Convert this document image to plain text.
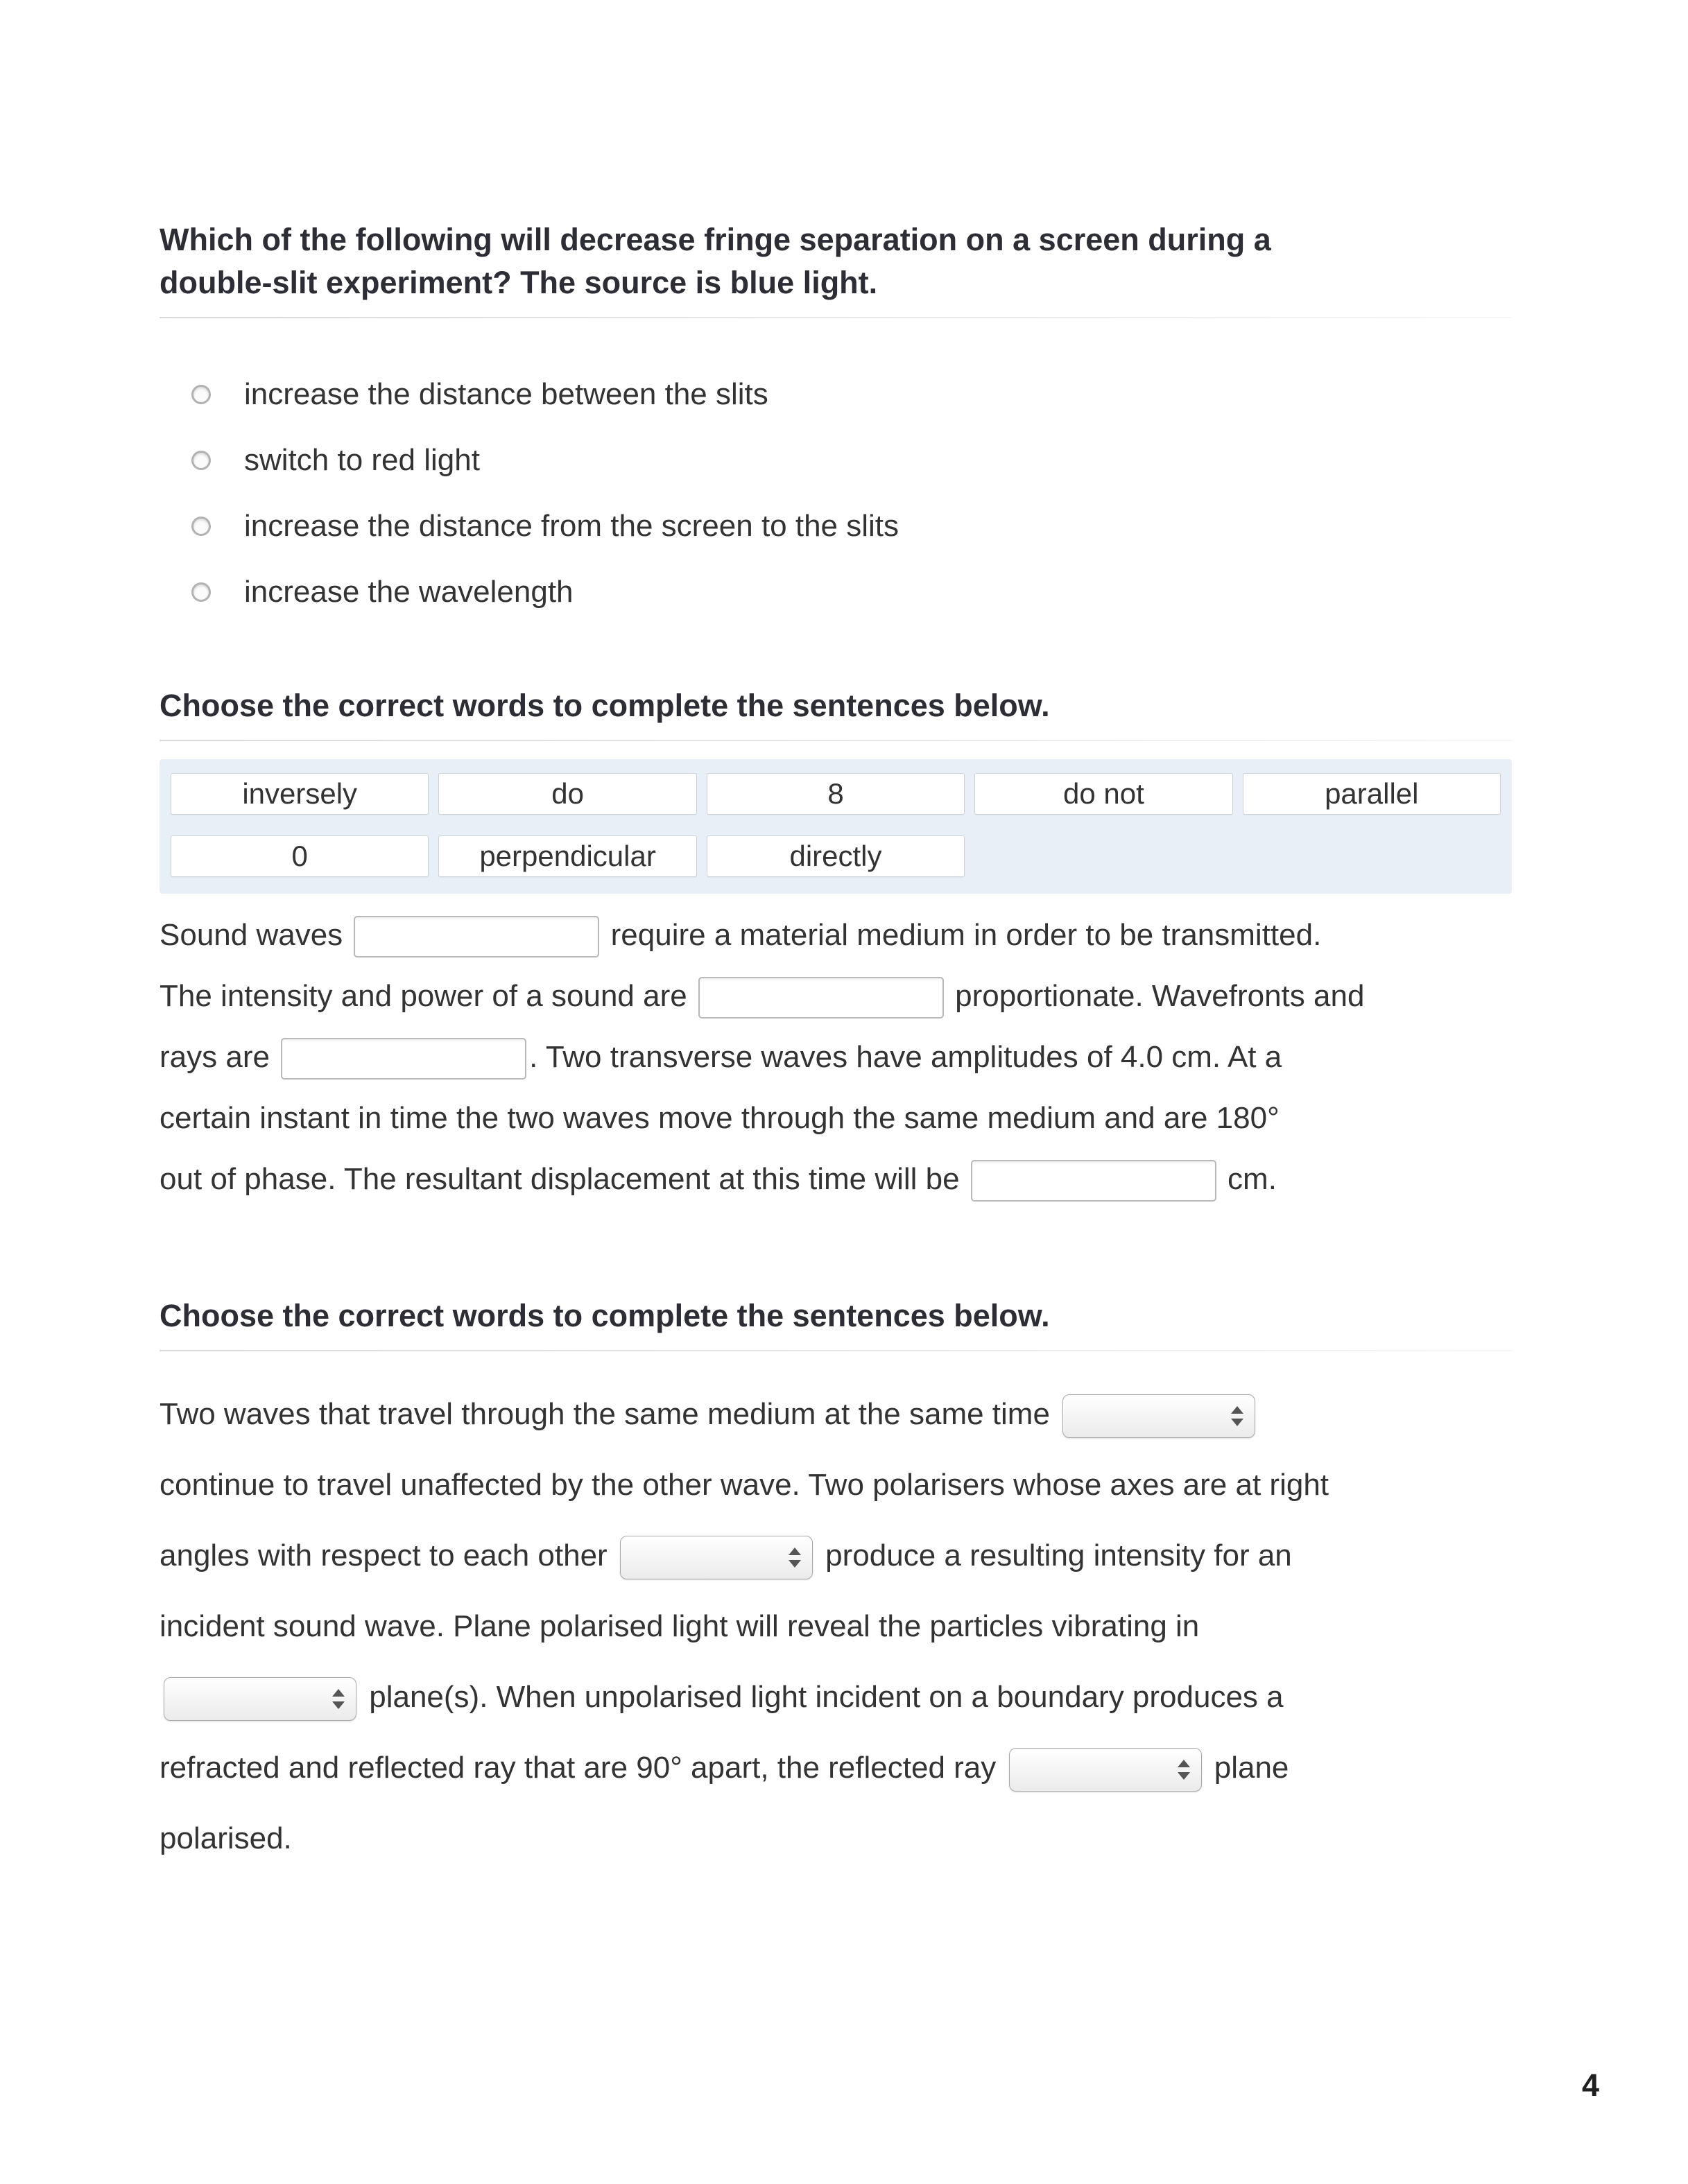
Which of the following will decrease fringe separation on a screen during a
double-slit experiment? The source is blue light.
increase the distance between the slits
switch to red light
increase the distance from the screen to the slits
increase the wavelength
Choose the correct words to complete the sentences below.
inversely	do	8	do not	parallel
0	perpendicular	directly
Sound waves	require a material medium in order to be transmitted.
The intensity and power of a sound are	proportionate. Wavefronts and
rays are	. Two transverse waves have amplitudes of 4.0 cm. At a
certain instant in time the two waves move through the same medium and are 180°
out of phase. The resultant displacement at this time will be	cm.
Choose the correct words to complete the sentences below.
Two waves that travel through the same medium at the same time
continue to travel unaffected by the other wave. Two polarisers whose axes are at right
angles with respect to each other	produce a resulting intensity for an
incident sound wave. Plane polarised light will reveal the particles vibrating in
plane(s). When unpolarised light incident on a boundary produces a
refracted and reflected ray that are 90° apart, the reflected ray	plane
polarised.
4
